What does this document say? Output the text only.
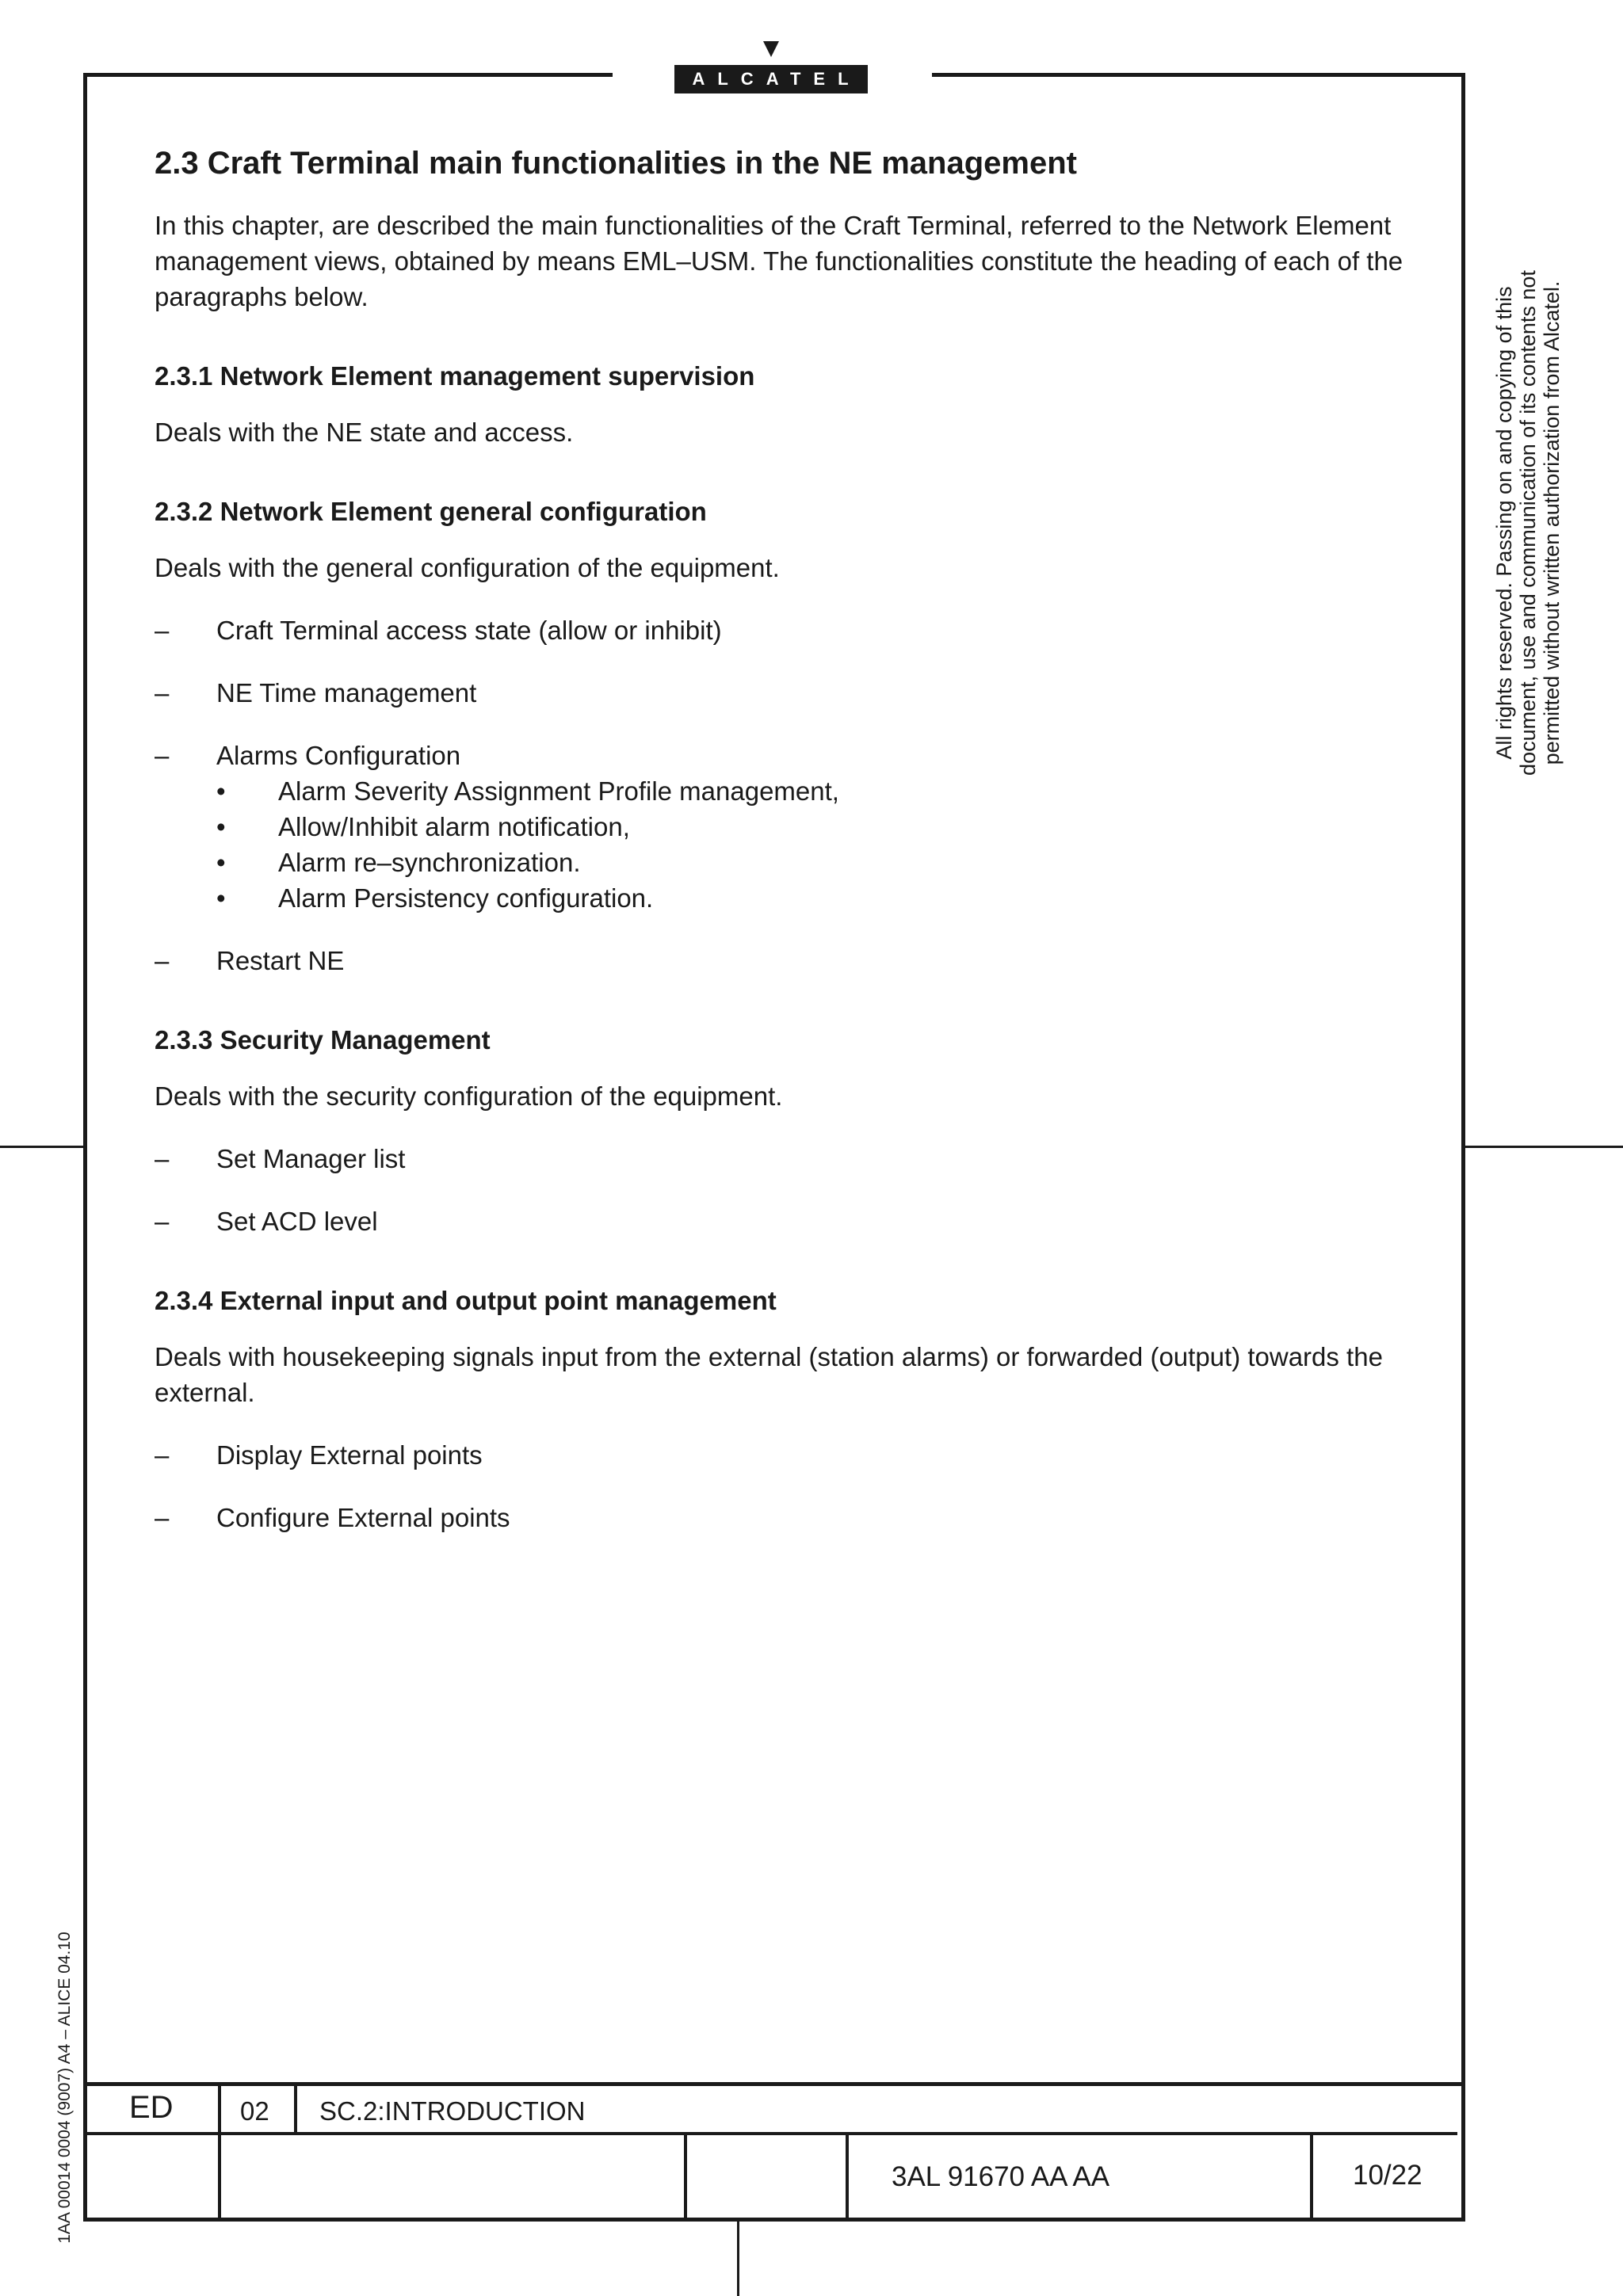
ALCATEL
All rights reserved. Passing on and copying of this document, use and communication of its contents not permitted without written authorization from Alcatel.
1AA 00014 0004 (9007) A4 – ALICE 04.10
2.3 Craft Terminal main functionalities in the NE management
In this chapter, are described the main functionalities of the Craft Terminal, referred to the Network Element management views, obtained by means EML–USM. The functionalities constitute the heading of each of the paragraphs below.
2.3.1 Network Element management supervision
Deals with the NE state and access.
2.3.2 Network Element general configuration
Deals with the general configuration of the equipment.
– Craft Terminal access state (allow or inhibit)
– NE Time management
– Alarms Configuration
• Alarm Severity Assignment Profile management,
• Allow/Inhibit alarm notification,
• Alarm re–synchronization.
• Alarm Persistency configuration.
– Restart NE
2.3.3 Security Management
Deals with the security configuration of the equipment.
– Set Manager list
– Set ACD level
2.3.4 External input and output point management
Deals with housekeeping signals input from the external (station alarms) or forwarded (output) towards the external.
– Display External points
– Configure External points
ED	02 SC.2:INTRODUCTION
3AL 91670 AA AA	10/22
